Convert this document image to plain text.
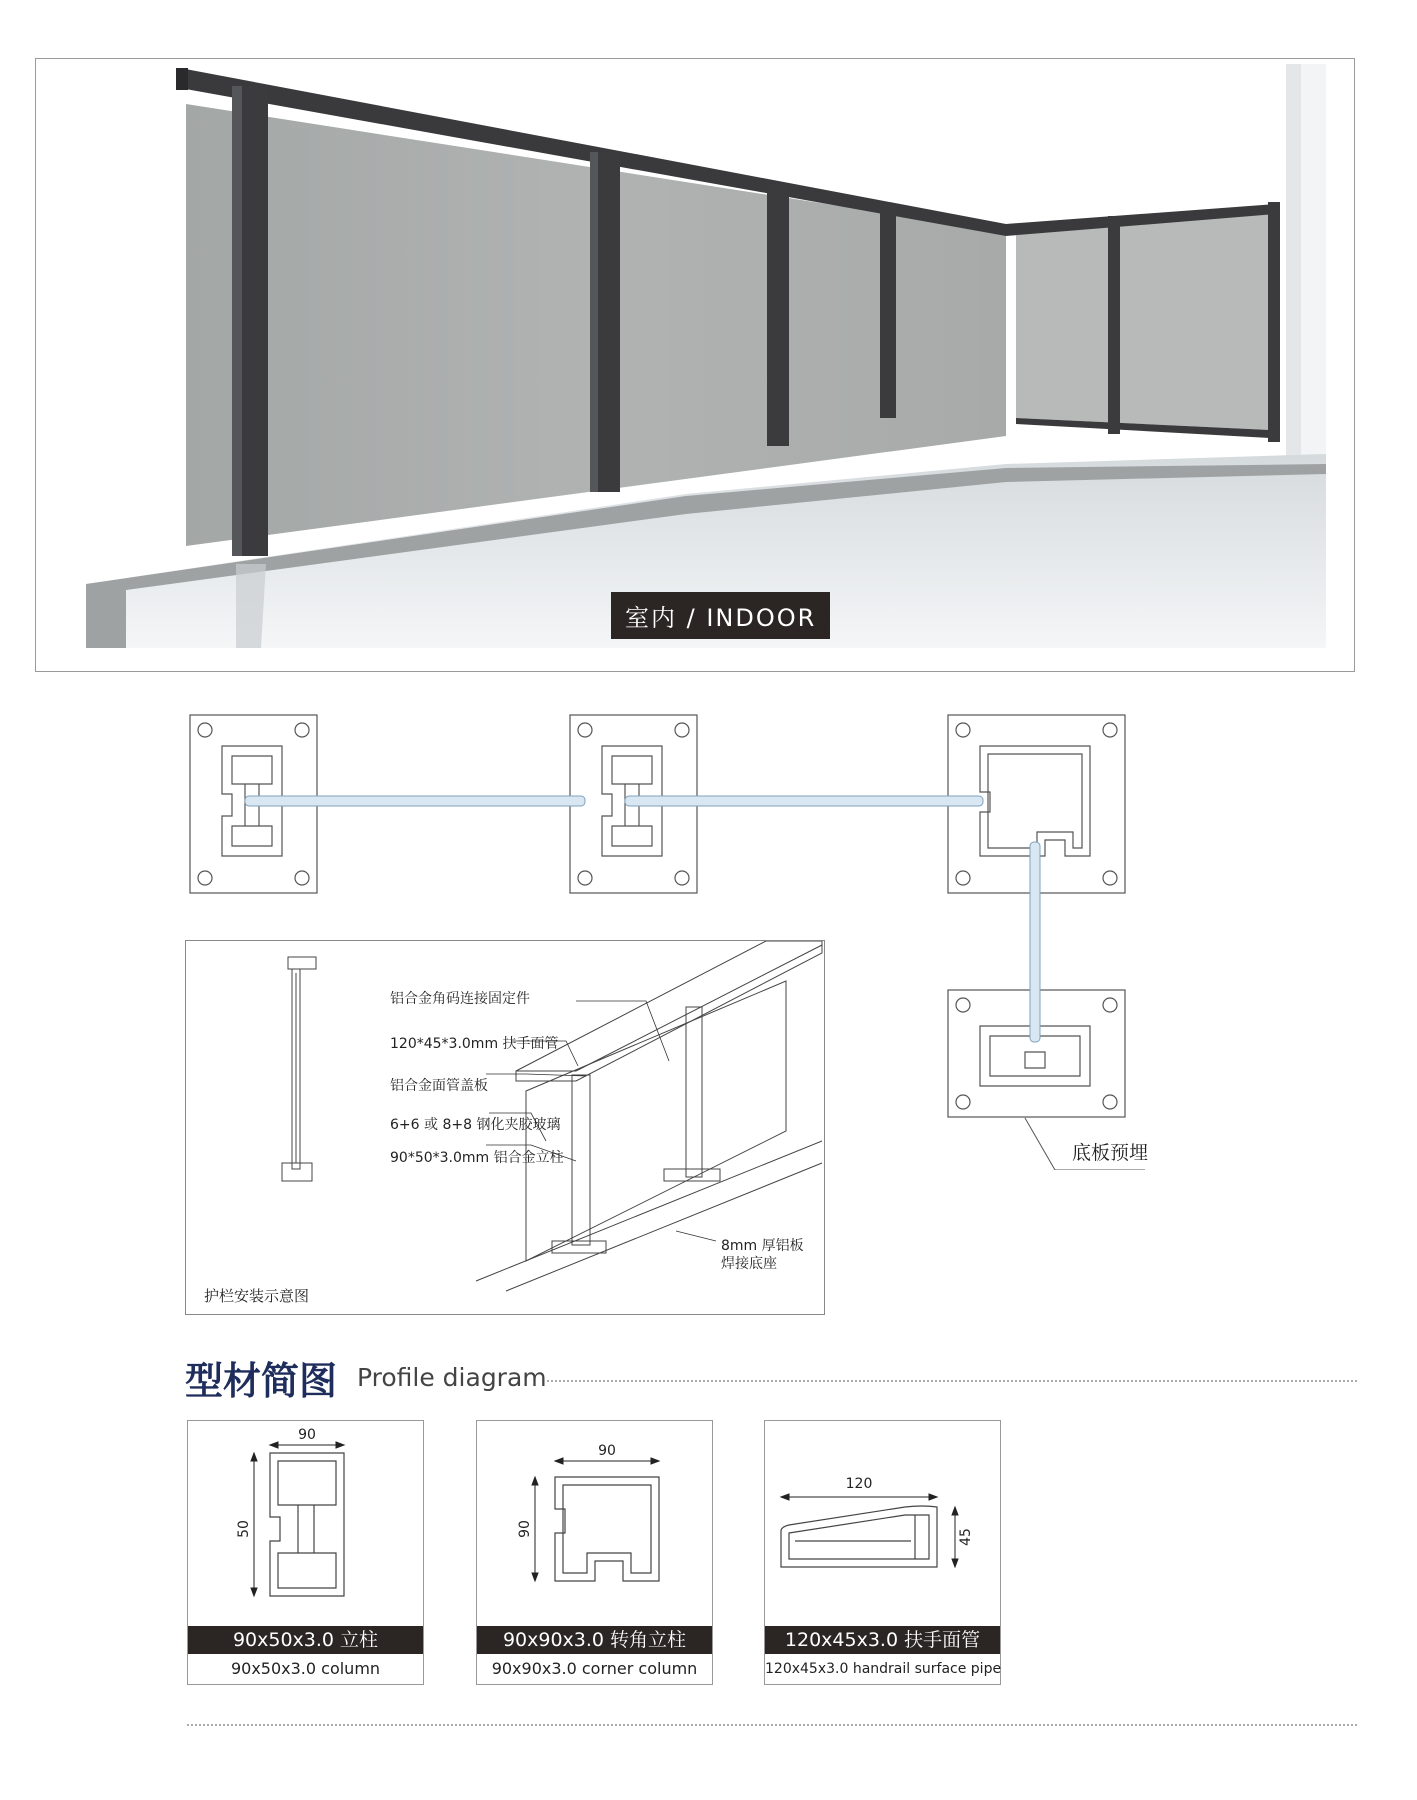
室内 / INDOOR
底板预埋
铝合金角码连接固定件
120*45*3.0mm 扶手面管
铝合金面管盖板
6+6 或 8+8 钢化夹胶玻璃
90*50*3.0mm 铝合金立柱
8mm 厚铝板
焊接底座
护栏安装示意图
型材简图 Profile diagram
90
50
90x50x3.0 立柱
90x50x3.0 column
90
90
90x90x3.0 转角立柱
90x90x3.0 corner column
120
45
120x45x3.0 扶手面管
120x45x3.0 handrail surface pipe
